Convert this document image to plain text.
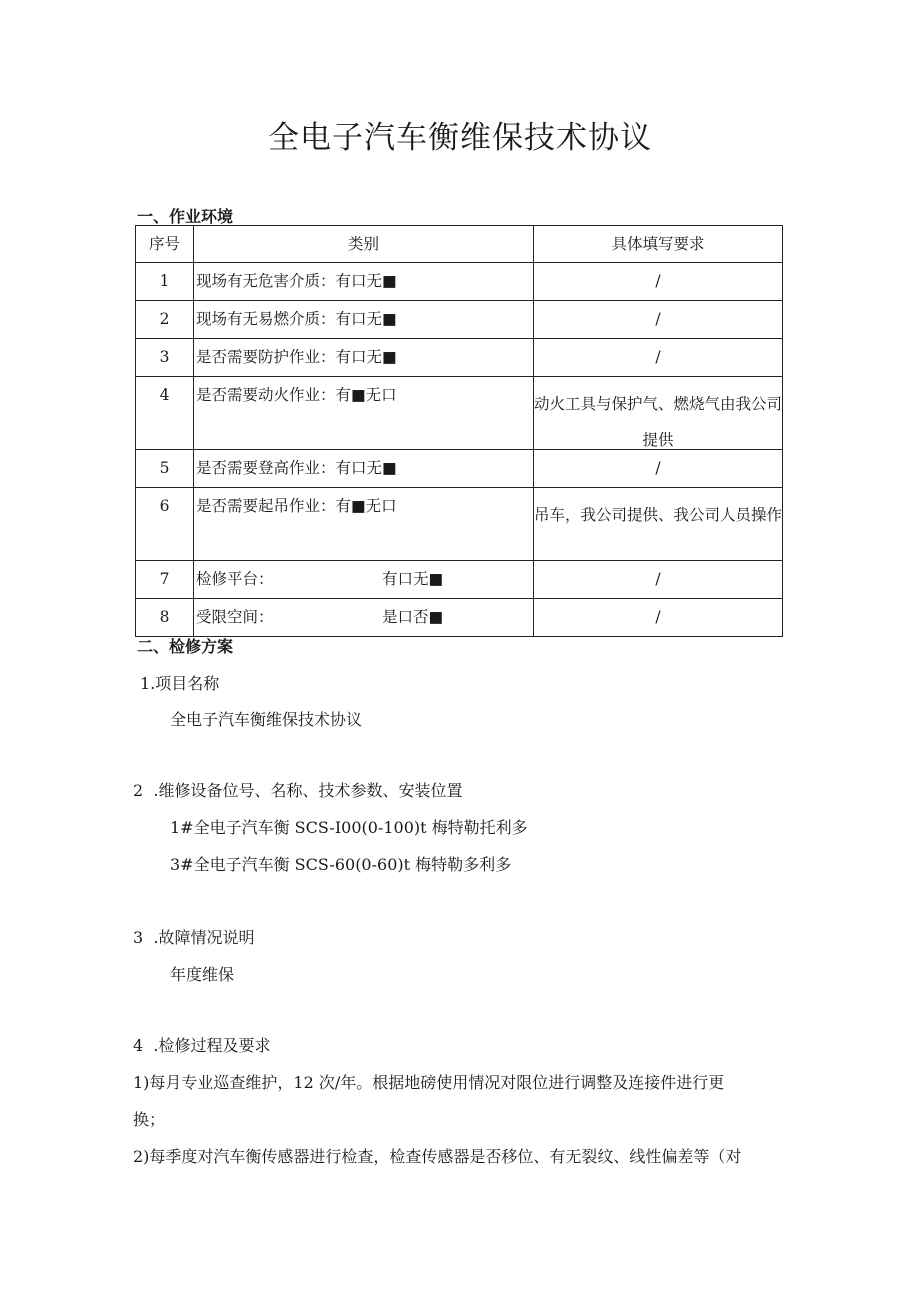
全电子汽车衡维保技术协议
一、作业环境
序号	类别	具体填写要求

1	现场有无危害介质：有口无■	/

2	现场有无易燃介质：有口无■	/

3	是否需要防护作业：有口无■	/

4	是否需要动火作业：有■无口	动火工具与保护气、燃烧气由我公司提供

5	是否需要登高作业：有口无■	/

6	是否需要起吊作业：有■无口	吊车，我公司提供、我公司人员操作

7	检修平台： 有口无■	/

8	受限空间： 是口否■	/
二、检修方案
1.项目名称
全电子汽车衡维保技术协议
2  .维修设备位号、名称、技术参数、安装位置
1#全电子汽车衡 SCS-I00(0-100)t 梅特勒托利多
3#全电子汽车衡 SCS-60(0-60)t 梅特勒多利多
3  .故障情况说明
年度维保
4  .检修过程及要求
1)每月专业巡查维护，12 次/年。根据地磅使用情况对限位进行调整及连接件进行更
换；
2)每季度对汽车衡传感器进行检查，检查传感器是否移位、有无裂纹、线性偏差等（对
